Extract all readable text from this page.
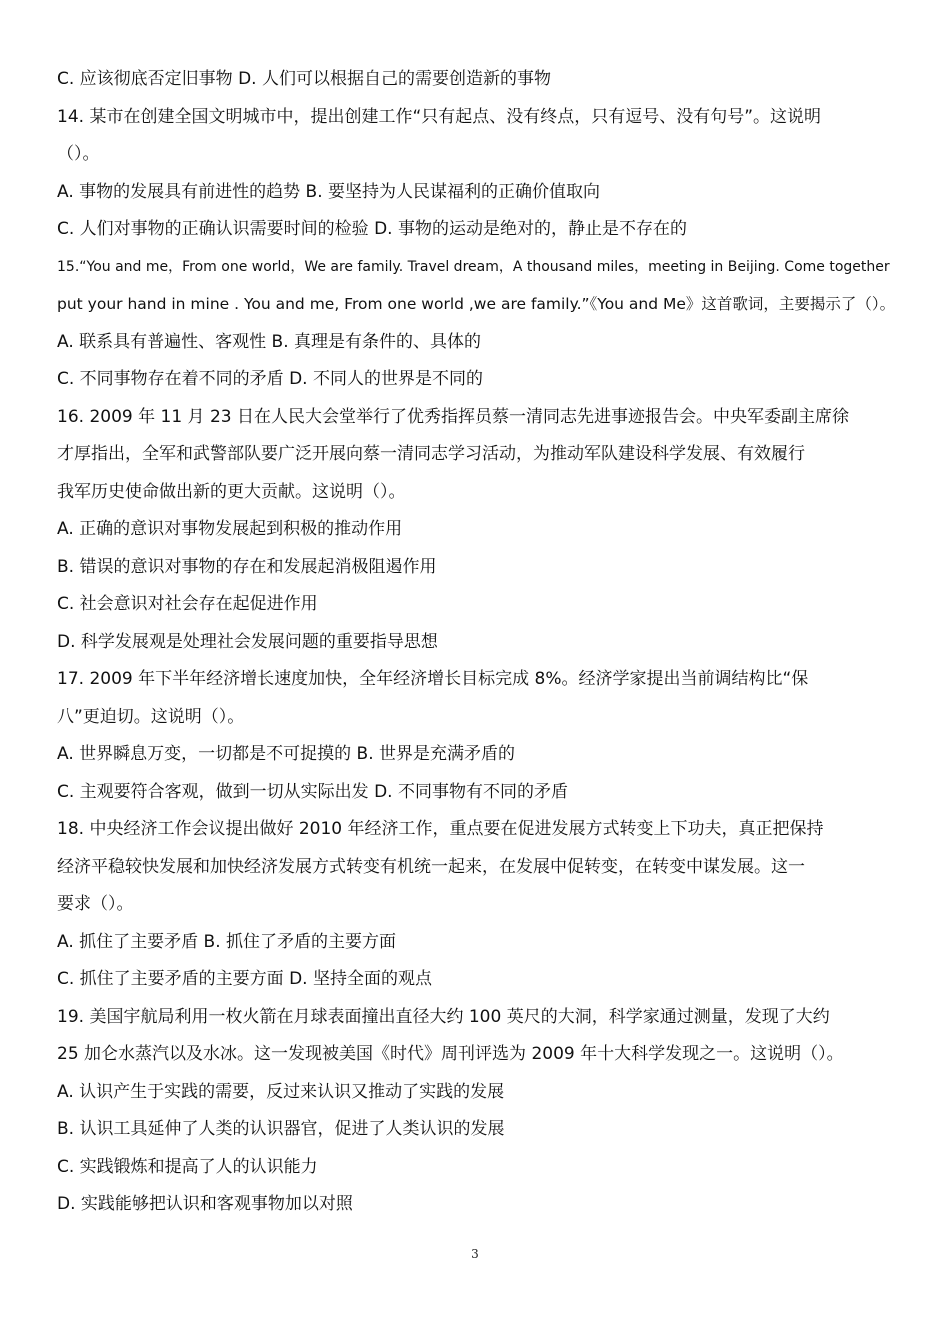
C. 应该彻底否定旧事物 D. 人们可以根据自己的需要创造新的事物
14. 某市在创建全国文明城市中，提出创建工作“只有起点、没有终点，只有逗号、没有句号”。这说明
（）。
A. 事物的发展具有前进性的趋势 B. 要坚持为人民谋福利的正确价值取向
C. 人们对事物的正确认识需要时间的检验 D. 事物的运动是绝对的，静止是不存在的
15.“You and me，From one world，We are family. Travel dream，A thousand miles，meeting in Beijing. Come together
put your hand in mine . You and me, From one world ,we are family.”《You and Me》这首歌词，主要揭示了（）。
A. 联系具有普遍性、客观性 B. 真理是有条件的、具体的
C. 不同事物存在着不同的矛盾 D. 不同人的世界是不同的
16. 2009 年 11 月 23 日在人民大会堂举行了优秀指挥员蔡一清同志先进事迹报告会。中央军委副主席徐
才厚指出，全军和武警部队要广泛开展向蔡一清同志学习活动，为推动军队建设科学发展、有效履行
我军历史使命做出新的更大贡献。这说明（）。
A. 正确的意识对事物发展起到积极的推动作用
B. 错误的意识对事物的存在和发展起消极阻遏作用
C. 社会意识对社会存在起促进作用
D. 科学发展观是处理社会发展问题的重要指导思想
17. 2009 年下半年经济增长速度加快，全年经济增长目标完成 8%。经济学家提出当前调结构比“保
八”更迫切。这说明（）。
A. 世界瞬息万变，一切都是不可捉摸的 B. 世界是充满矛盾的
C. 主观要符合客观，做到一切从实际出发 D. 不同事物有不同的矛盾
18. 中央经济工作会议提出做好 2010 年经济工作，重点要在促进发展方式转变上下功夫，真正把保持
经济平稳较快发展和加快经济发展方式转变有机统一起来，在发展中促转变，在转变中谋发展。这一
要求（）。
A. 抓住了主要矛盾 B. 抓住了矛盾的主要方面
C. 抓住了主要矛盾的主要方面 D. 坚持全面的观点
19. 美国宇航局利用一枚火箭在月球表面撞出直径大约 100 英尺的大洞，科学家通过测量，发现了大约
25 加仑水蒸汽以及水冰。这一发现被美国《时代》周刊评选为 2009 年十大科学发现之一。这说明（）。
A. 认识产生于实践的需要，反过来认识又推动了实践的发展
B. 认识工具延伸了人类的认识器官，促进了人类认识的发展
C. 实践锻炼和提高了人的认识能力
D. 实践能够把认识和客观事物加以对照
3
